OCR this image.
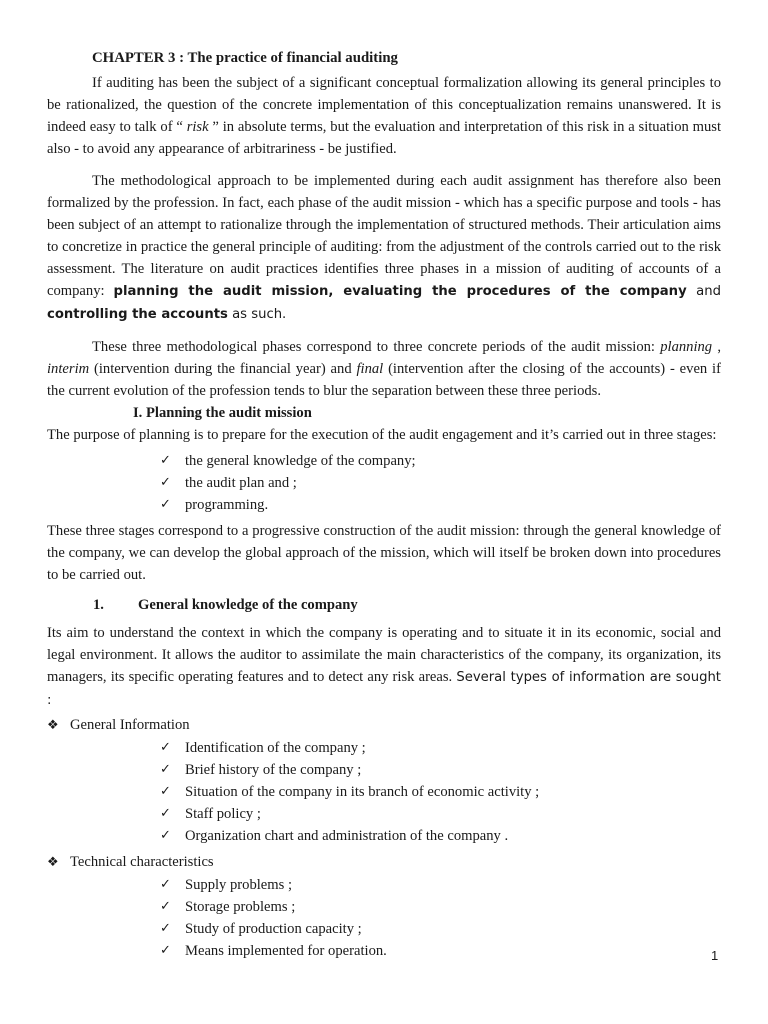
CHAPTER 3 : The practice of financial auditing

If auditing has been the subject of a significant conceptual formalization allowing its general principles to be rationalized, the question of the concrete implementation of this conceptualization remains unanswered. It is indeed easy to talk of “ risk ” in absolute terms, but the evaluation and interpretation of this risk in a situation must also - to avoid any appearance of arbitrariness - be justified.

The methodological approach to be implemented during each audit assignment has therefore also been formalized by the profession. In fact, each phase of the audit mission - which has a specific purpose and tools - has been subject of an attempt to rationalize through the implementation of structured methods. Their articulation aims to concretize in practice the general principle of auditing: from the adjustment of the controls carried out to the risk assessment. The literature on audit practices identifies three phases in a mission of auditing of accounts of a company: planning the audit mission, evaluating the procedures of the company and controlling the accounts as such.

These three methodological phases correspond to three concrete periods of the audit mission: planning , interim (intervention during the financial year) and final (intervention after the closing of the accounts) - even if the current evolution of the profession tends to blur the separation between these three periods.

I. Planning the audit mission

The purpose of planning is to prepare for the execution of the audit engagement and it’s carried out in three stages:

✓ the general knowledge of the company;
✓ the audit plan and ;
✓ programming.

These three stages correspond to a progressive construction of the audit mission: through the general knowledge of the company, we can develop the global approach of the mission, which will itself be broken down into procedures to be carried out.

1. General knowledge of the company

Its aim to understand the context in which the company is operating and to situate it in its economic, social and legal environment. It allows the auditor to assimilate the main characteristics of the company, its organization, its managers, its specific operating features and to detect any risk areas. Several types of information are sought :

❖ General Information
✓ Identification of the company ;
✓ Brief history of the company ;
✓ Situation of the company in its branch of economic activity ;
✓ Staff policy ;
✓ Organization chart and administration of the company .
❖ Technical characteristics
✓ Supply problems ;
✓ Storage problems ;
✓ Study of production capacity ;
✓ Means implemented for operation.	1
